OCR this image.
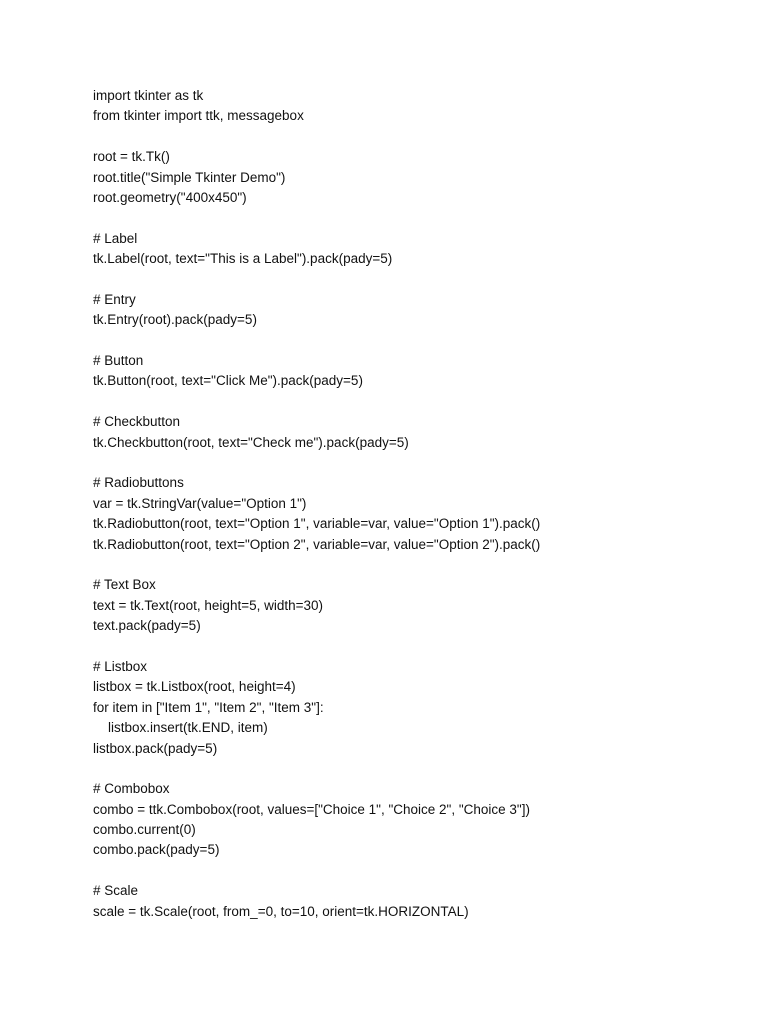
import tkinter as tk
from tkinter import ttk, messagebox
root = tk.Tk()
root.title("Simple Tkinter Demo")
root.geometry("400x450")
# Label
tk.Label(root, text="This is a Label").pack(pady=5)
# Entry
tk.Entry(root).pack(pady=5)
# Button
tk.Button(root, text="Click Me").pack(pady=5)
# Checkbutton
tk.Checkbutton(root, text="Check me").pack(pady=5)
# Radiobuttons
var = tk.StringVar(value="Option 1")
tk.Radiobutton(root, text="Option 1", variable=var, value="Option 1").pack()
tk.Radiobutton(root, text="Option 2", variable=var, value="Option 2").pack()
# Text Box
text = tk.Text(root, height=5, width=30)
text.pack(pady=5)
# Listbox
listbox = tk.Listbox(root, height=4)
for item in ["Item 1", "Item 2", "Item 3"]:
listbox.insert(tk.END, item)
listbox.pack(pady=5)
# Combobox
combo = ttk.Combobox(root, values=["Choice 1", "Choice 2", "Choice 3"])
combo.current(0)
combo.pack(pady=5)
# Scale
scale = tk.Scale(root, from_=0, to=10, orient=tk.HORIZONTAL)
